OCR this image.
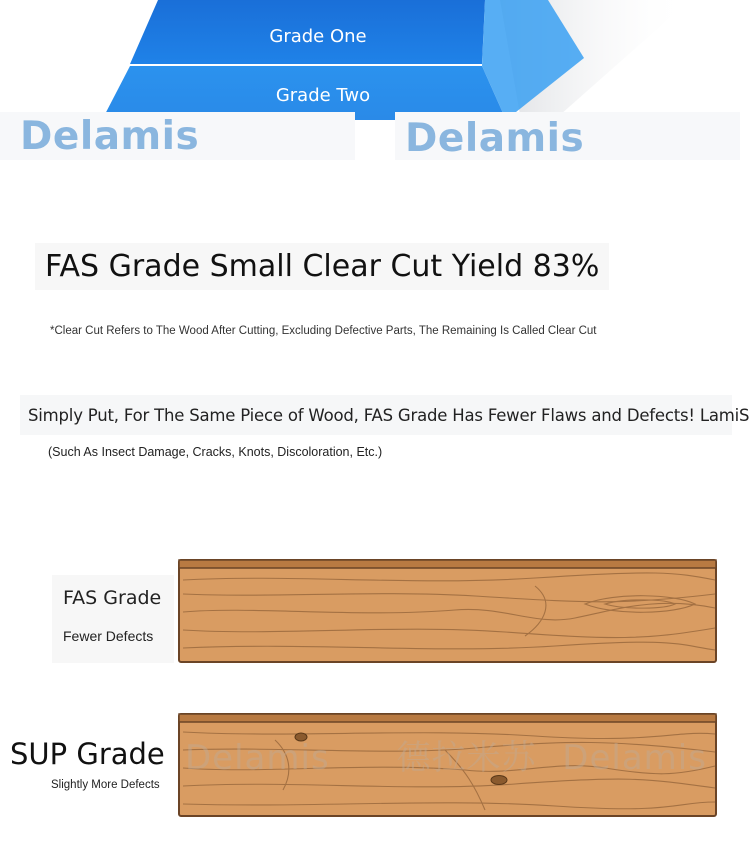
Grade One
Grade Two
Delamis	Delamis
FAS Grade Small Clear Cut Yield 83%
*Clear Cut Refers to The Wood After Cutting, Excluding Defective Parts, The Remaining Is Called Clear Cut
Simply Put, For The Same Piece of Wood, FAS Grade Has Fewer Flaws and Defects! LamiS
(Such As Insect Damage, Cracks, Knots, Discoloration, Etc.)
FAS Grade
Fewer Defects
Delamis 德拉米苏 Delamis
SUP Grade
Slightly More Defects
